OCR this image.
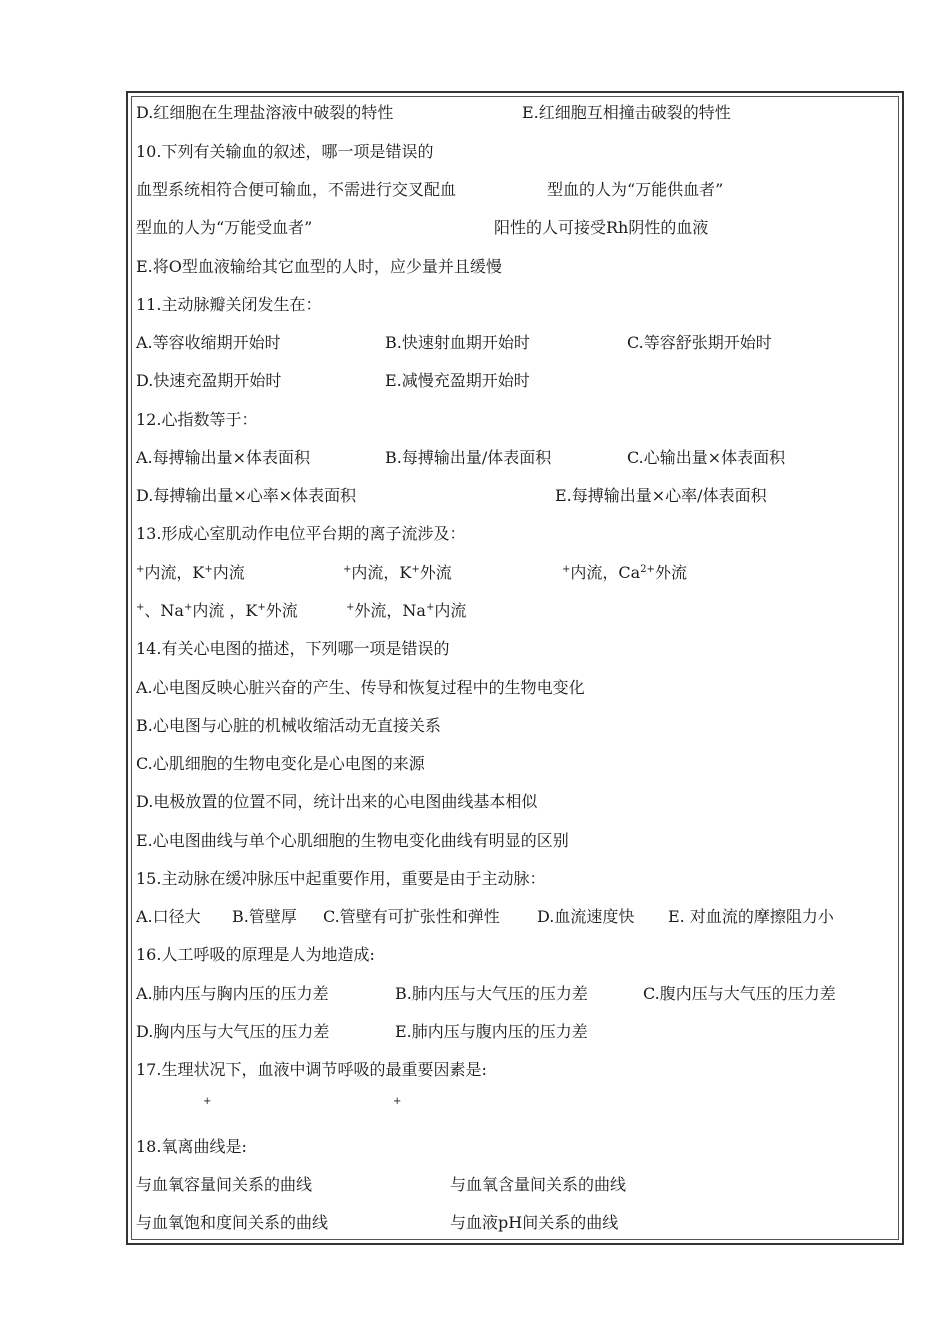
D.红细胞在生理盐溶液中破裂的特性	E.红细胞互相撞击破裂的特性
10.下列有关输血的叙述，哪一项是错误的
血型系统相符合便可输血，不需进行交叉配血	型血的人为“万能供血者”
型血的人为“万能受血者”	阳性的人可接受Rh阴性的血液
E.将O型血液输给其它血型的人时，应少量并且缓慢
11.主动脉瓣关闭发生在：
A.等容收缩期开始时	B.快速射血期开始时	C.等容舒张期开始时
D.快速充盈期开始时	E.减慢充盈期开始时
12.心指数等于：
A.每搏输出量×体表面积	B.每搏输出量/体表面积	C.心输出量×体表面积
D.每搏输出量×心率×体表面积	E.每搏输出量×心率/体表面积
13.形成心室肌动作电位平台期的离子流涉及：
+内流，K+内流	+内流，K+外流	+内流，$Ca^{2+}$外流
+、Na+内流 ，K+外流	+外流，Na+内流
14.有关心电图的描述，下列哪一项是错误的
A.心电图反映心脏兴奋的产生、传导和恢复过程中的生物电变化
B.心电图与心脏的机械收缩活动无直接关系
C.心肌细胞的生物电变化是心电图的来源
D.电极放置的位置不同，统计出来的心电图曲线基本相似
E.心电图曲线与单个心肌细胞的生物电变化曲线有明显的区别
15.主动脉在缓冲脉压中起重要作用，重要是由于主动脉：
A.口径大 B.管壁厚 C.管壁有可扩张性和弹性 D.血流速度快 E. 对血流的摩擦阻力小
16.人工呼吸的原理是人为地造成:
A.肺内压与胸内压的压力差	B.肺内压与大气压的压力差	C.腹内压与大气压的压力差
D.胸内压与大气压的压力差	E.肺内压与腹内压的压力差
17.生理状况下，血液中调节呼吸的最重要因素是:
+	+
18.氧离曲线是:
与血氧容量间关系的曲线	与血氧含量间关系的曲线
与血氧饱和度间关系的曲线	与血液pH间关系的曲线
